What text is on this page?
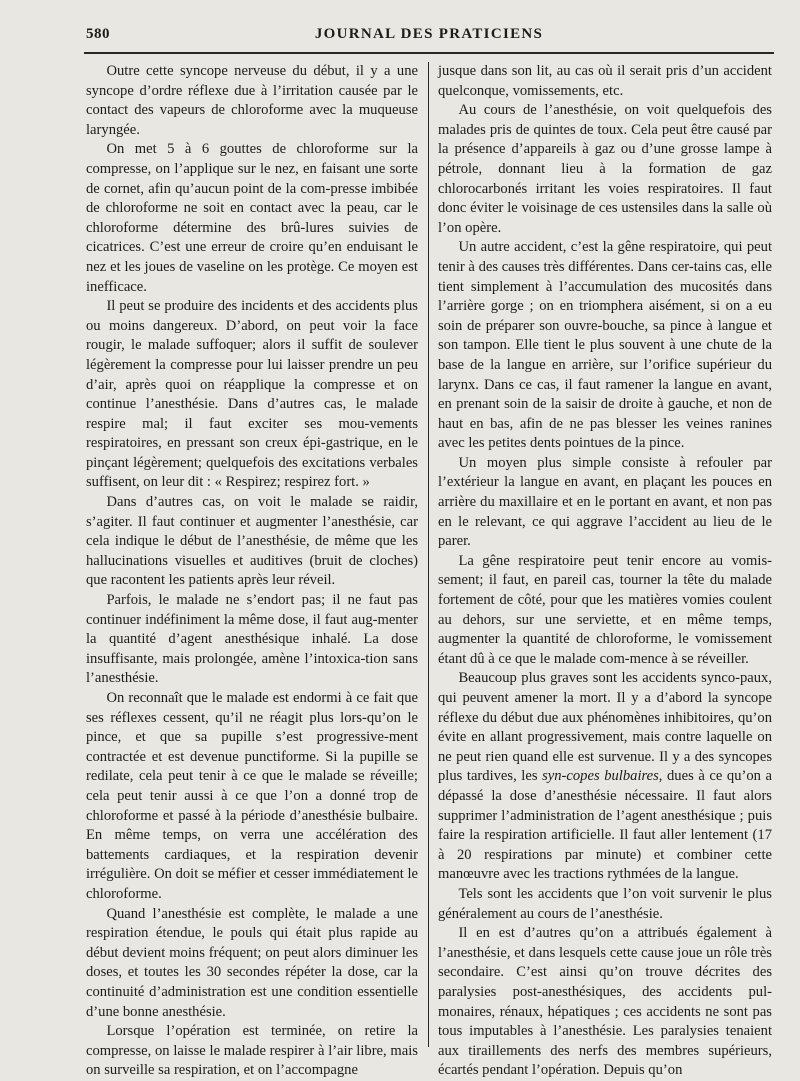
580	JOURNAL DES PRATICIENS

Outre cette syncope nerveuse du début, il y a une syncope d’ordre réflexe due à l’irritation causée par le contact des vapeurs de chloroforme avec la muqueuse laryngée.

On met 5 à 6 gouttes de chloroforme sur la compresse, on l’applique sur le nez, en faisant une sorte de cornet, afin qu’aucun point de la com-presse imbibée de chloroforme ne soit en contact avec la peau, car le chloroforme détermine des brû-lures suivies de cicatrices. C’est une erreur de croire qu’en enduisant le nez et les joues de vaseline on les protège. Ce moyen est inefficace.

Il peut se produire des incidents et des accidents plus ou moins dangereux. D’abord, on peut voir la face rougir, le malade suffoquer; alors il suffit de soulever légèrement la compresse pour lui laisser prendre un peu d’air, après quoi on réapplique la compresse et on continue l’anesthésie. Dans d’autres cas, le malade respire mal; il faut exciter ses mou-vements respiratoires, en pressant son creux épi-gastrique, en le pinçant légèrement; quelquefois des excitations verbales suffisent, on leur dit : « Respirez; respirez fort. »

Dans d’autres cas, on voit le malade se raidir, s’agiter. Il faut continuer et augmenter l’anesthésie, car cela indique le début de l’anesthésie, de même que les hallucinations visuelles et auditives (bruit de cloches) que racontent les patients après leur réveil.

Parfois, le malade ne s’endort pas; il ne faut pas continuer indéfiniment la même dose, il faut aug-menter la quantité d’agent anesthésique inhalé. La dose insuffisante, mais prolongée, amène l’intoxica-tion sans l’anesthésie.

On reconnaît que le malade est endormi à ce fait que ses réflexes cessent, qu’il ne réagit plus lors-qu’on le pince, et que sa pupille s’est progressive-ment contractée et est devenue punctiforme. Si la pupille se redilate, cela peut tenir à ce que le malade se réveille; cela peut tenir aussi à ce que l’on a donné trop de chloroforme et passé à la période d’anesthésie bulbaire. En même temps, on verra une accélération des battements cardiaques, et la respiration devenir irrégulière. On doit se méfier et cesser immédiatement le chloroforme.

Quand l’anesthésie est complète, le malade a une respiration étendue, le pouls qui était plus rapide au début devient moins fréquent; on peut alors diminuer les doses, et toutes les 30 secondes répéter la dose, car la continuité d’administration est une condition essentielle d’une bonne anesthésie.

Lorsque l’opération est terminée, on retire la compresse, on laisse le malade respirer à l’air libre, mais on surveille sa respiration, et on l’accompagne

jusque dans son lit, au cas où il serait pris d’un accident quelconque, vomissements, etc.

Au cours de l’anesthésie, on voit quelquefois des malades pris de quintes de toux. Cela peut être causé par la présence d’appareils à gaz ou d’une grosse lampe à pétrole, donnant lieu à la formation de gaz chlorocarbonés irritant les voies respiratoires. Il faut donc éviter le voisinage de ces ustensiles dans la salle où l’on opère.

Un autre accident, c’est la gêne respiratoire, qui peut tenir à des causes très différentes. Dans cer-tains cas, elle tient simplement à l’accumulation des mucosités dans l’arrière gorge ; on en triomphera aisément, si on a eu soin de préparer son ouvre-bouche, sa pince à langue et son tampon. Elle tient le plus souvent à une chute de la base de la langue en arrière, sur l’orifice supérieur du larynx. Dans ce cas, il faut ramener la langue en avant, en prenant soin de la saisir de droite à gauche, et non de haut en bas, afin de ne pas blesser les veines ranines avec les petites dents pointues de la pince.

Un moyen plus simple consiste à refouler par l’extérieur la langue en avant, en plaçant les pouces en arrière du maxillaire et en le portant en avant, et non pas en le relevant, ce qui aggrave l’accident au lieu de le parer.

La gêne respiratoire peut tenir encore au vomis-sement; il faut, en pareil cas, tourner la tête du malade fortement de côté, pour que les matières vomies coulent au dehors, sur une serviette, et en même temps, augmenter la quantité de chloroforme, le vomissement étant dû à ce que le malade com-mence à se réveiller.

Beaucoup plus graves sont les accidents synco-paux, qui peuvent amener la mort. Il y a d’abord la syncope réflexe du début due aux phénomènes inhibitoires, qu’on évite en allant progressivement, mais contre laquelle on ne peut rien quand elle est survenue. Il y a des syncopes plus tardives, les syn-copes bulbaires, dues à ce qu’on a dépassé la dose d’anesthésie nécessaire. Il faut alors supprimer l’administration de l’agent anesthésique ; puis faire la respiration artificielle. Il faut aller lentement (17 à 20 respirations par minute) et combiner cette manœuvre avec les tractions rythmées de la langue.

Tels sont les accidents que l’on voit survenir le plus généralement au cours de l’anesthésie.

Il en est d’autres qu’on a attribués également à l’anesthésie, et dans lesquels cette cause joue un rôle très secondaire. C’est ainsi qu’on trouve décrites des paralysies post-anesthésiques, des accidents pul-monaires, rénaux, hépatiques ; ces accidents ne sont pas tous imputables à l’anesthésie. Les paralysies tenaient aux tiraillements des nerfs des membres supérieurs, écartés pendant l’opération. Depuis qu’on
